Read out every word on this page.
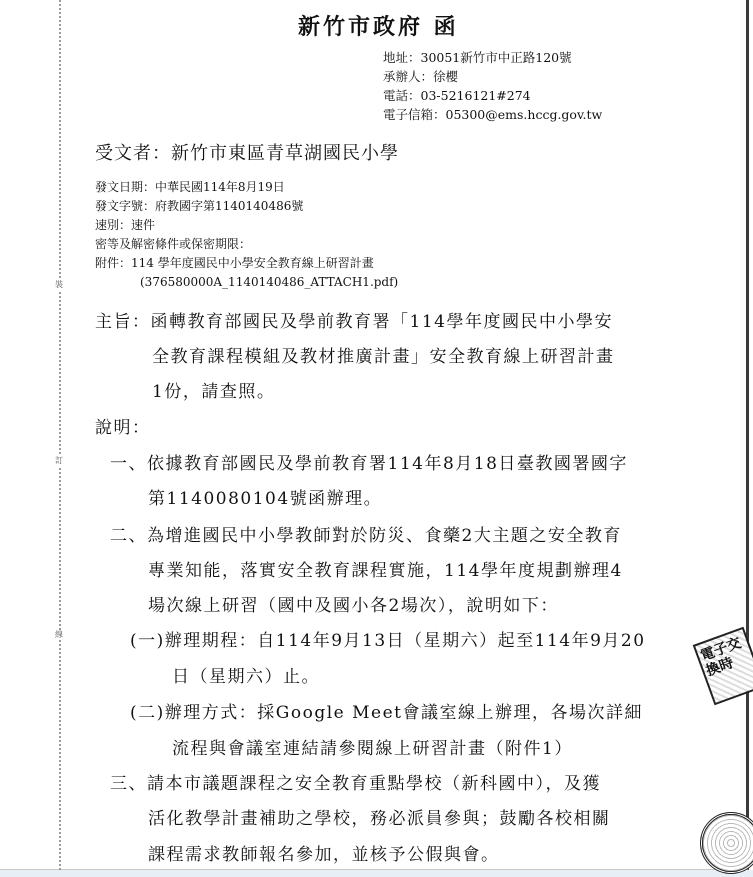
裝
訂
線
新竹市政府 函
地址：30051新竹市中正路120號
承辦人：徐櫻
電話：03-5216121#274
電子信箱：05300@ems.hccg.gov.tw
受文者：新竹市東區青草湖國民小學
發文日期：中華民國114年8月19日
發文字號：府教國字第1140140486號
速別：速件
密等及解密條件或保密期限：
附件：114 學年度國民中小學安全教育線上研習計畫
(376580000A_1140140486_ATTACH1.pdf)
主旨：函轉教育部國民及學前教育署「114學年度國民中小學安
全教育課程模組及教材推廣計畫」安全教育線上研習計畫
1份，請查照。
說明：
一、依據教育部國民及學前教育署114年8月18日臺教國署國字
第1140080104號函辦理。
二、為增進國民中小學教師對於防災、食藥2大主題之安全教育
專業知能，落實安全教育課程實施，114學年度規劃辦理4
場次線上研習（國中及國小各2場次），說明如下：
(一)辦理期程：自114年9月13日（星期六）起至114年9月20
日（星期六）止。
(二)辦理方式：採Google Meet會議室線上辦理，各場次詳細
流程與會議室連結請參閱線上研習計畫（附件1）
三、請本市議題課程之安全教育重點學校（新科國中），及獲
活化教學計畫補助之學校，務必派員參與；鼓勵各校相關
課程需求教師報名參加，並核予公假與會。
電子交換時
